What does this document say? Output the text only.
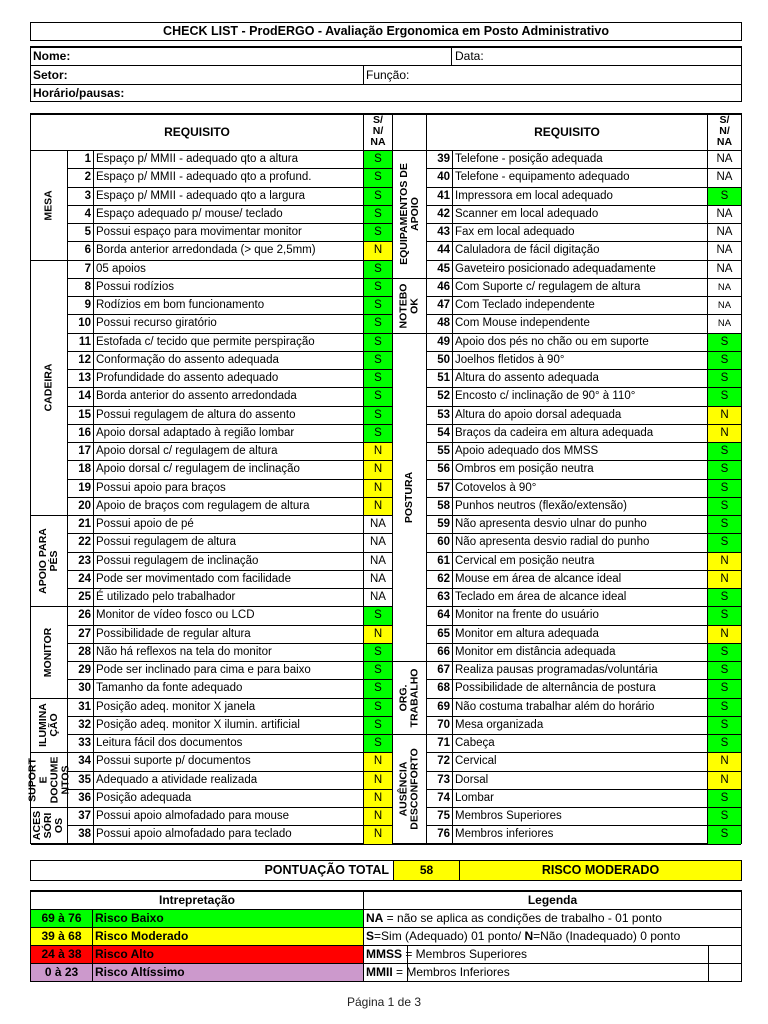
CHECK LIST - ProdERGO - Avaliação Ergonomica em Posto Administrativo
Nome:	Data:
Setor:	Função:
Horário/pausas:
REQUISITO
S/
N/
NA
REQUISITO
S/
N/
NA
MESA
CADEIRA
APOIO PARA
PÉS
MONITOR
ILUMINA
ÇÃO
SUPORT
E
DOCUME
NTOS
ACES
SÓRI
OS
1 Espaço p/ MMII - adequado qto a altura	S
2 Espaço p/ MMII - adequado qto a profund.	S
3 Espaço p/ MMII - adequado qto a largura	S
4 Espaço adequado p/ mouse/ teclado	S
5 Possui espaço para movimentar monitor	S
6 Borda anterior arredondada (> que 2,5mm)	N
7 05 apoios	S
8 Possui rodízios	S
9 Rodízios em bom funcionamento	S
10 Possui recurso giratório	S
11 Estofada c/ tecido que permite perspiração	S
12 Conformação do assento adequada	S
13 Profundidade do assento adequado	S
14 Borda anterior do assento arredondada	S
15 Possui regulagem de altura do assento	S
16 Apoio dorsal adaptado à região lombar	S
17 Apoio dorsal c/ regulagem de altura	N
18 Apoio dorsal c/ regulagem de inclinação	N
19 Possui apoio para braços	N
20 Apoio de braços com regulagem de altura	N
21 Possui apoio de pé	NA
22 Possui regulagem de altura	NA
23 Possui regulagem de inclinação	NA
24 Pode ser movimentado com facilidade	NA
25 É utilizado pelo trabalhador	NA
26 Monitor de vídeo fosco ou LCD	S
27 Possibilidade de regular altura	N
28 Não há reflexos na tela do monitor	S
29 Pode ser inclinado para cima e para baixo	S
30 Tamanho da fonte adequado	S
31 Posição adeq. monitor X janela	S
32 Posição adeq. monitor X ilumin. artificial	S
33 Leitura fácil dos documentos	S
34 Possui suporte p/ documentos	N
35 Adequado a atividade realizada	N
36 Posição adequada	N
37 Possui apoio almofadado para mouse	N
38 Possui apoio almofadado para teclado	N
EQUIPAMENTOS DE
APOIO
NOTEBO
OK
POSTURA
ORG.
TRABALHO
AUSÊNCIA
DESCONFORTO
39 Telefone - posição adequada	NA
40 Telefone - equipamento adequado	NA
41 Impressora em local adequado	S
42 Scanner em local adequado	NA
43 Fax em local adequado	NA
44 Caluladora de fácil digitação	NA
45 Gaveteiro posicionado adequadamente	NA
46 Com Suporte c/ regulagem de altura	NA
47 Com Teclado independente	NA
48 Com Mouse independente	NA
49 Apoio dos pés no chão ou em suporte	S
50 Joelhos fletidos à 90°	S
51 Altura do assento adequada	S
52 Encosto c/ inclinação de 90° à 110°	S
53 Altura do apoio dorsal adequada	N
54 Braços da cadeira em altura adequada	N
55 Apoio adequado dos MMSS	S
56 Ombros em posição neutra	S
57 Cotovelos à 90°	S
58 Punhos neutros (flexão/extensão)	S
59 Não apresenta desvio ulnar do punho	S
60 Não apresenta desvio radial do punho	S
61 Cervical em posição neutra	N
62 Mouse em área de alcance ideal	N
63 Teclado em área de alcance ideal	S
64 Monitor na frente do usuário	S
65 Monitor em altura adequada	N
66 Monitor em distância adequada	S
67 Realiza pausas programadas/voluntária	S
68 Possibilidade de alternância de postura	S
69 Não costuma trabalhar além do horário	S
70 Mesa organizada	S
71 Cabeça	S
72 Cervical	N
73 Dorsal	N
74 Lombar	S
75 Membros Superiores	S
76 Membros inferiores	S
PONTUAÇÃO TOTAL	58	RISCO MODERADO
Intrepretação	Legenda
69 à 76	Risco Baixo
39 à 68	Risco Moderado
24 à 38	Risco Alto
0 à 23	Risco Altíssimo
NA = não se aplica as condições de trabalho - 01 ponto
S=Sim (Adequado) 01 ponto/ N=Não (Inadequado) 0 ponto
MMSS = Membros Superiores
MMII = Membros Inferiores
Página 1 de 3
